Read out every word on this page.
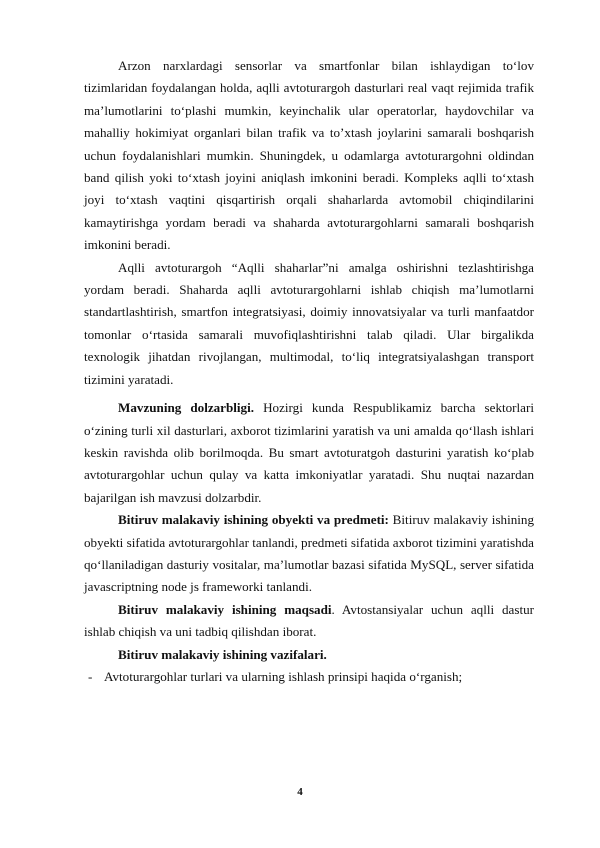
Arzon narxlardagi sensorlar va smartfonlar bilan ishlaydigan to‘lov tizimlaridan foydalangan holda, aqlli avtoturargoh dasturlari real vaqt rejimida trafik ma’lumotlarini to‘plashi mumkin, keyinchalik ular operatorlar, haydovchilar va mahalliy hokimiyat organlari bilan trafik va to’xtash joylarini samarali boshqarish uchun foydalanishlari mumkin. Shuningdek, u odamlarga avtoturargohni oldindan band qilish yoki to‘xtash joyini aniqlash imkonini beradi. Kompleks aqlli to‘xtash joyi to‘xtash vaqtini qisqartirish orqali shaharlarda avtomobil chiqindilarini kamaytirishga yordam beradi va shaharda avtoturargohlarni samarali boshqarish imkonini beradi.

Aqlli avtoturargoh “Aqlli shaharlar”ni amalga oshirishni tezlashtirishga yordam beradi. Shaharda aqlli avtoturargohlarni ishlab chiqish ma’lumotlarni standartlashtirish, smartfon integratsiyasi, doimiy innovatsiyalar va turli manfaatdor tomonlar o‘rtasida samarali muvofiqlashtirishni talab qiladi. Ular birgalikda texnologik jihatdan rivojlangan, multimodal, to‘liq integratsiyalashgan transport tizimini yaratadi.

Mavzuning dolzarbligi. Hozirgi kunda Respublikamiz barcha sektorlari o‘zining turli xil dasturlari, axborot tizimlarini yaratish va uni amalda qo‘llash ishlari keskin ravishda olib borilmoqda. Bu smart avtoturatgoh dasturini yaratish ko‘plab avtoturargohlar uchun qulay va katta imkoniyatlar yaratadi. Shu nuqtai nazardan bajarilgan ish mavzusi dolzarbdir.

Bitiruv malakaviy ishining obyekti va predmeti: Bitiruv malakaviy ishining obyekti sifatida avtoturargohlar tanlandi, predmeti sifatida axborot tizimini yaratishda qo‘llaniladigan dasturiy vositalar, ma’lumotlar bazasi sifatida MySQL, server sifatida javascriptning node js frameworki tanlandi.

Bitiruv malakaviy ishining maqsadi. Avtostansiyalar uchun aqlli dastur ishlab chiqish va uni tadbiq qilishdan iborat.

Bitiruv malakaviy ishining vazifalari.

- Avtoturargohlar turlari va ularning ishlash prinsipi haqida o‘rganish;

4
